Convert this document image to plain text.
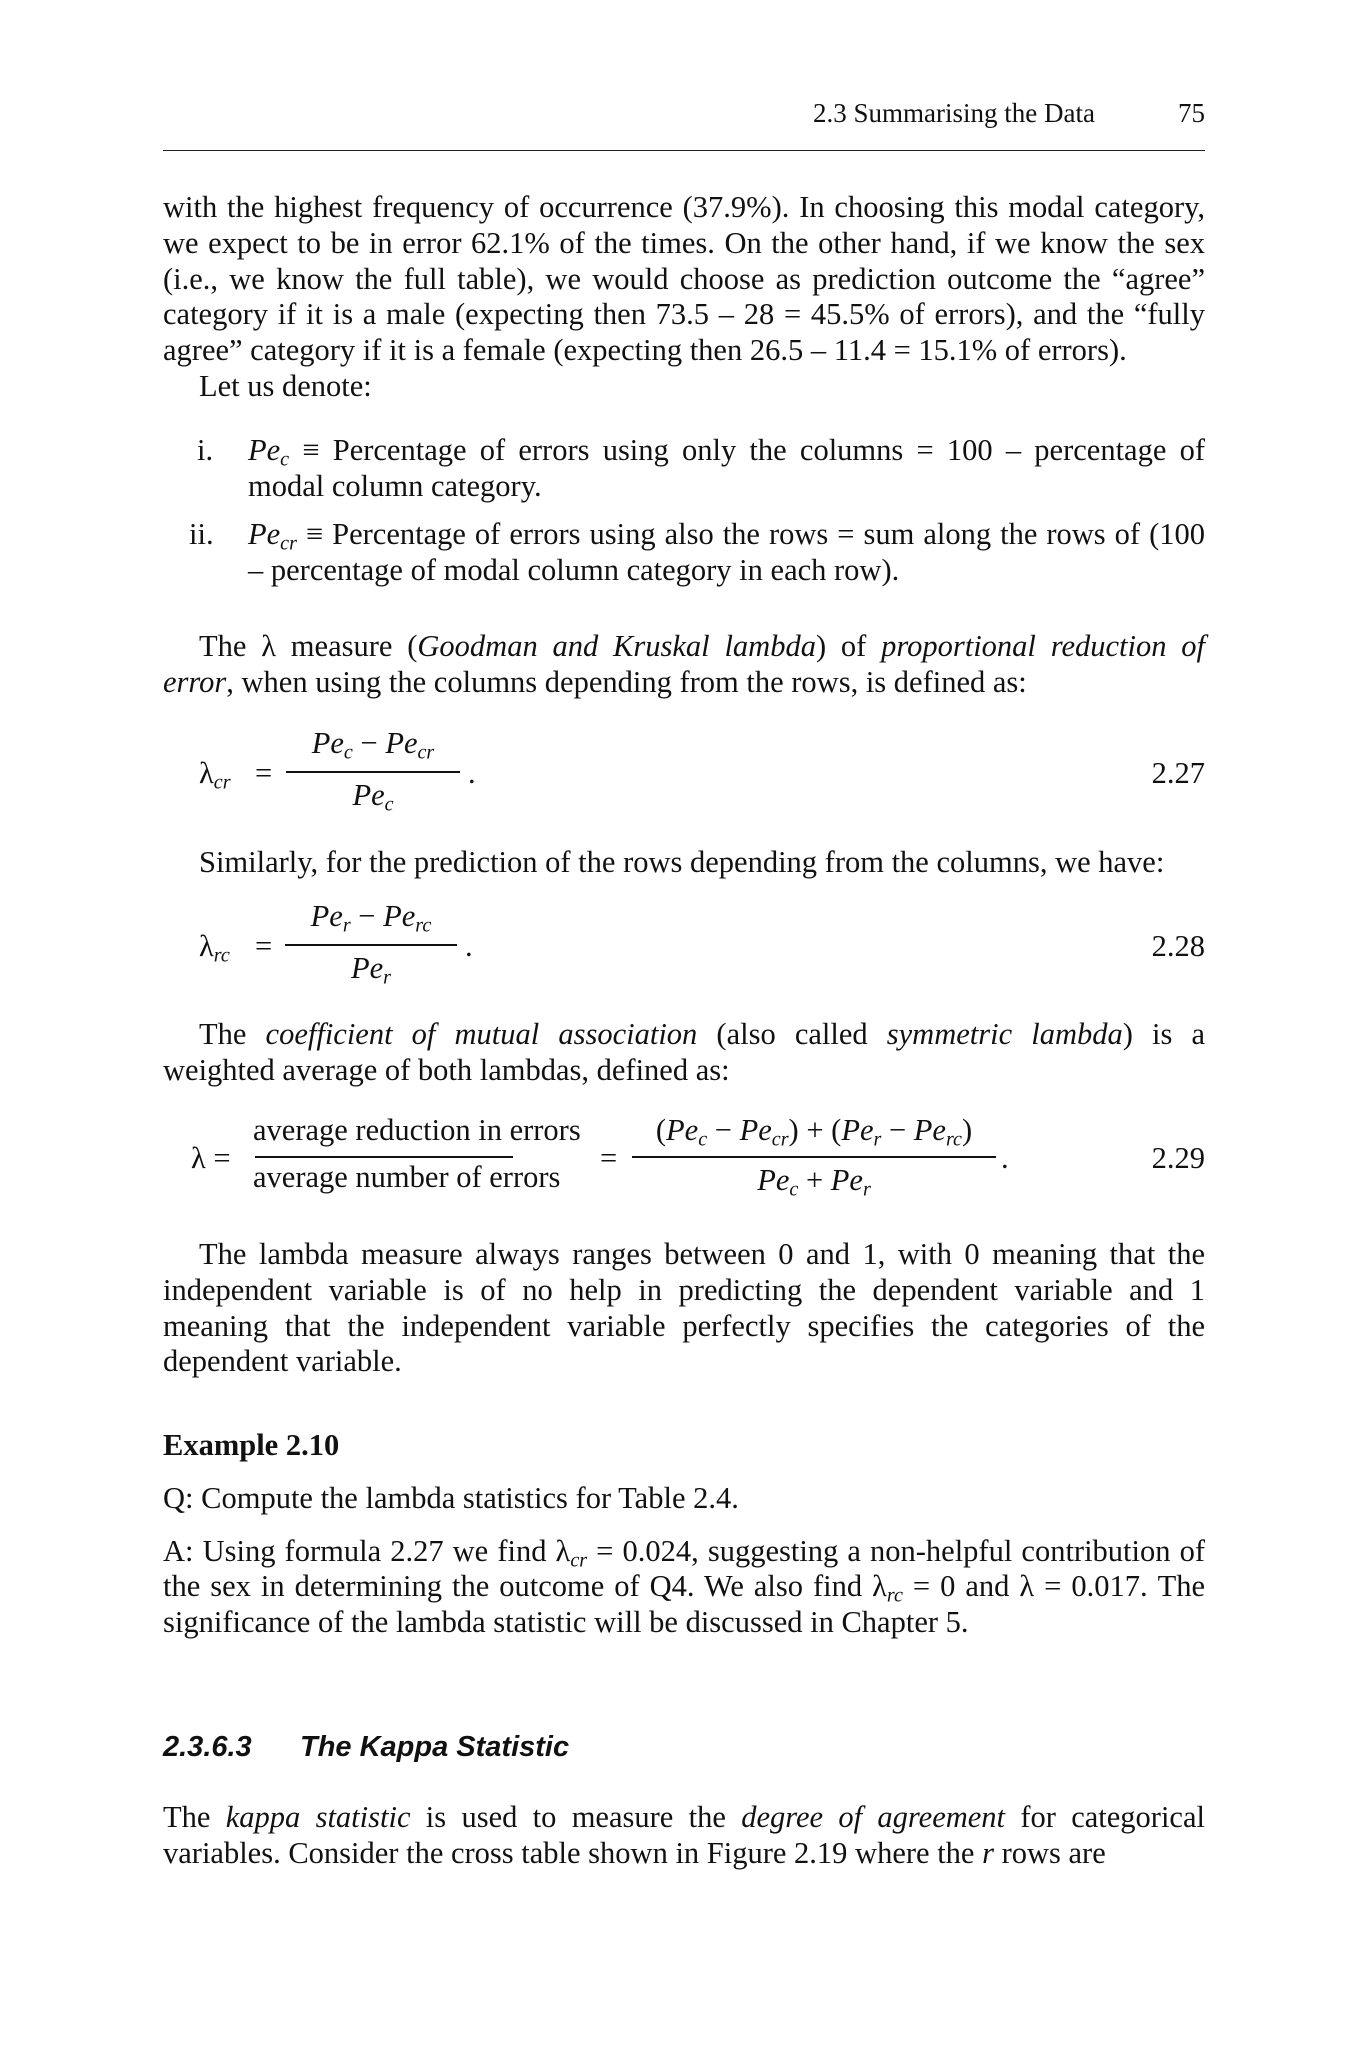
2.3 Summarising the Data	75

with the highest frequency of occurrence (37.9%). In choosing this modal category, we expect to be in error 62.1% of the times. On the other hand, if we know the sex (i.e., we know the full table), we would choose as prediction outcome the “agree” category if it is a male (expecting then 73.5 – 28 = 45.5% of errors), and the “fully agree” category if it is a female (expecting then 26.5 – 11.4 = 15.1% of errors).

Let us denote:

i. $Pe_c$ ≡ Percentage of errors using only the columns = 100 – percentage of modal column category.

ii. $Pe_{cr}$ ≡ Percentage of errors using also the rows = sum along the rows of (100 – percentage of modal column category in each row).

The λ measure (Goodman and Kruskal lambda) of proportional reduction of error, when using the columns depending from the rows, is defined as:

$\lambda_{cr}$ =
$Pe_c - Pe_{cr}$
$Pe_c$
.	2.27

Similarly, for the prediction of the rows depending from the columns, we have:

$\lambda_{rc}$ =
$Pe_r - Pe_{rc}$
$Pe_r$
.	2.28

The coefficient of mutual association (also called symmetric lambda) is a weighted average of both lambdas, defined as:

λ =
average reduction in errors
average number of errors
=
$(Pe_c - Pe_{cr}) + (Pe_r - Pe_{rc})$
$Pe_c + Pe_r$
.	2.29

The lambda measure always ranges between 0 and 1, with 0 meaning that the independent variable is of no help in predicting the dependent variable and 1 meaning that the independent variable perfectly specifies the categories of the dependent variable.

Example 2.10

Q: Compute the lambda statistics for Table 2.4.

A: Using formula 2.27 we find $\lambda_{cr} = 0.024$, suggesting a non-helpful contribution of the sex in determining the outcome of Q4. We also find $\lambda_{rc} = 0$ and λ = 0.017. The significance of the lambda statistic will be discussed in Chapter 5.

2.3.6.3 The Kappa Statistic

The kappa statistic is used to measure the degree of agreement for categorical variables. Consider the cross table shown in Figure 2.19 where the r rows are
